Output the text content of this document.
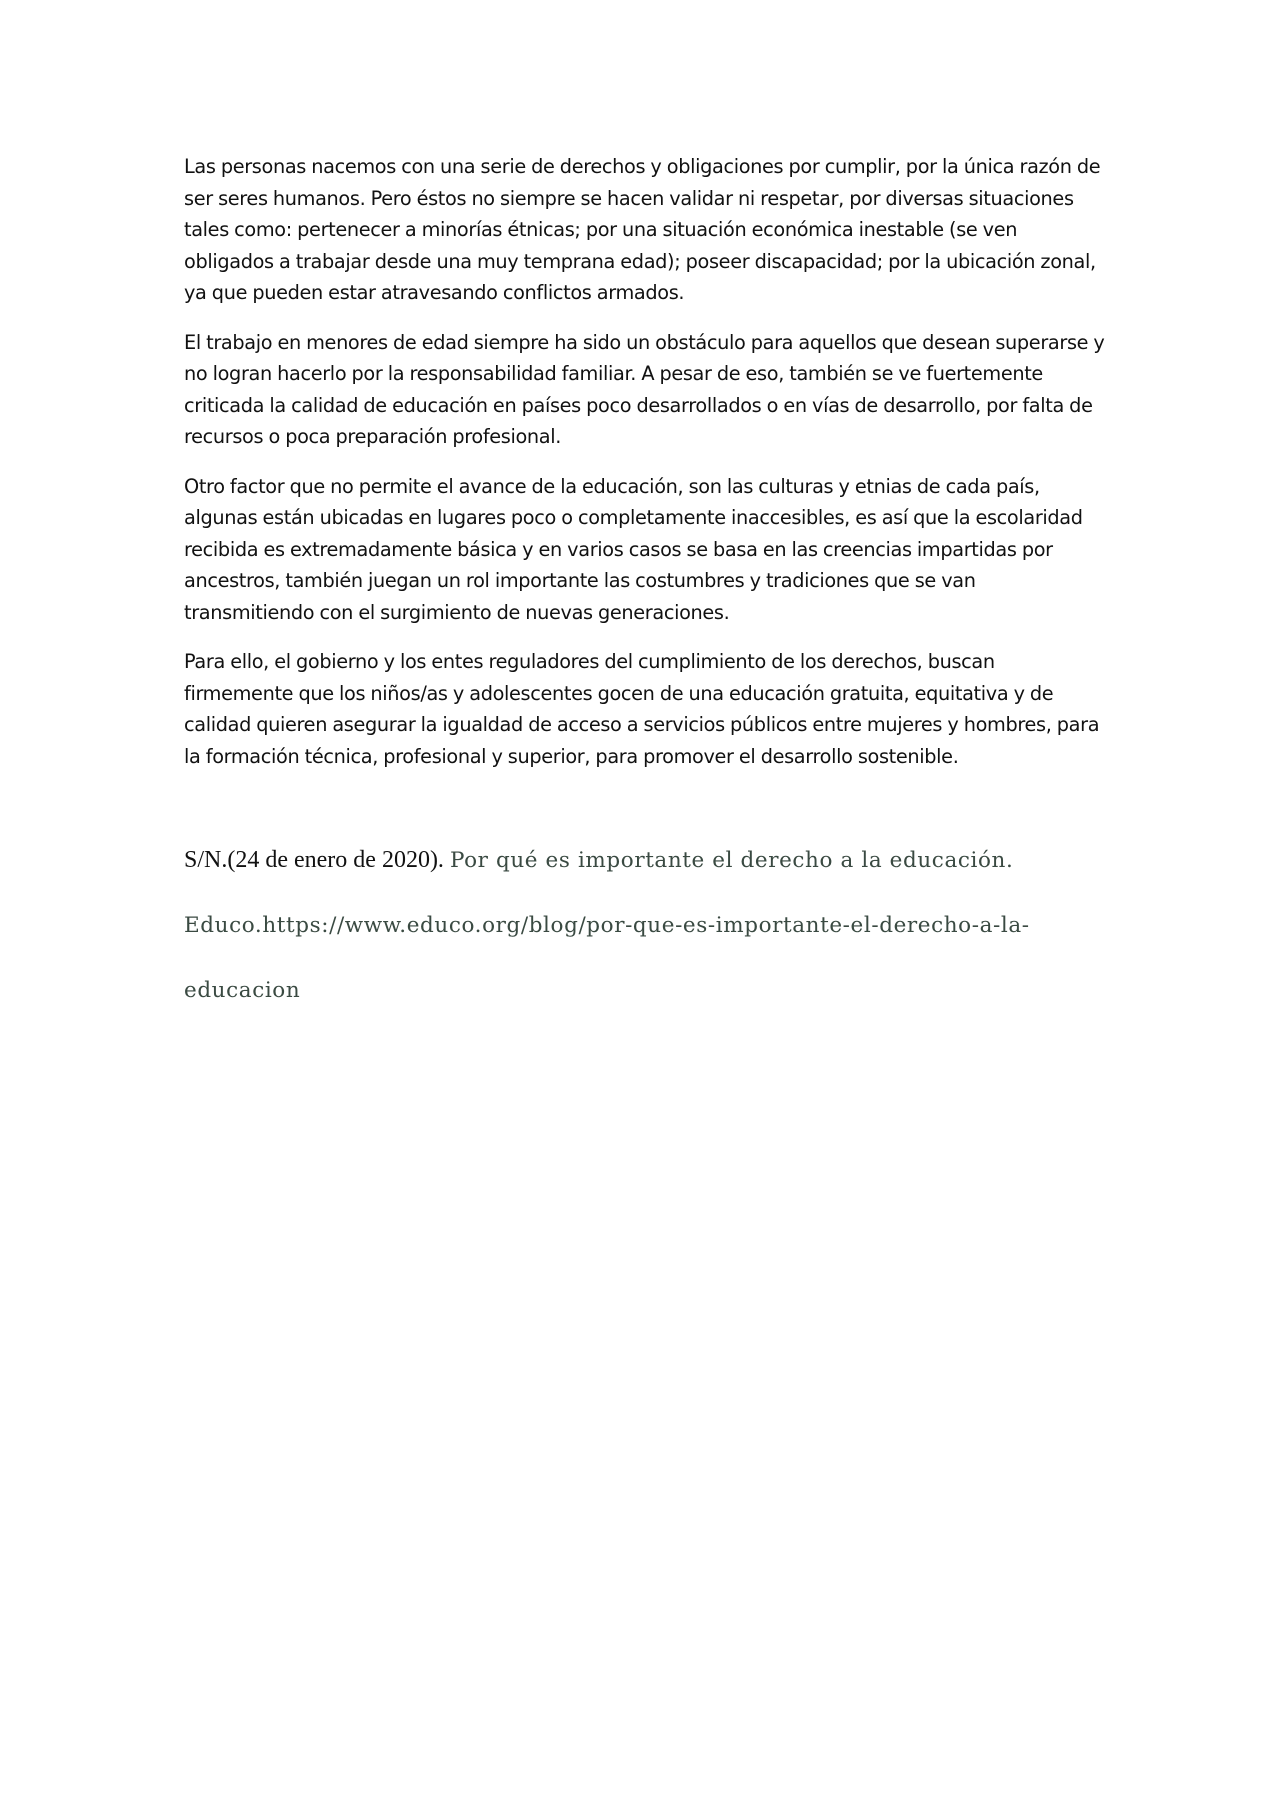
Las personas nacemos con una serie de derechos y obligaciones por cumplir, por la única razón de ser seres humanos. Pero éstos no siempre se hacen validar ni respetar, por diversas situaciones tales como: pertenecer a minorías étnicas; por una situación económica inestable (se ven obligados a trabajar desde una muy temprana edad); poseer discapacidad; por la ubicación zonal, ya que pueden estar atravesando conflictos armados.

El trabajo en menores de edad siempre ha sido un obstáculo para aquellos que desean superarse y no logran hacerlo por la responsabilidad familiar. A pesar de eso, también se ve fuertemente criticada la calidad de educación en países poco desarrollados o en vías de desarrollo, por falta de recursos o poca preparación profesional.

Otro factor que no permite el avance de la educación, son las culturas y etnias de cada país, algunas están ubicadas en lugares poco o completamente inaccesibles, es así que la escolaridad recibida es extremadamente básica y en varios casos se basa en las creencias impartidas por ancestros, también juegan un rol importante las costumbres y tradiciones que se van transmitiendo con el surgimiento de nuevas generaciones.

Para ello, el gobierno y los entes reguladores del cumplimiento de los derechos, buscan firmemente que los niños/as y adolescentes gocen de una educación gratuita, equitativa y de calidad quieren asegurar la igualdad de acceso a servicios públicos entre mujeres y hombres, para la formación técnica, profesional y superior, para promover el desarrollo sostenible.

S/N.(24 de enero de 2020). Por qué es importante el derecho a la educación.
Educo.https://www.educo.org/blog/por-que-es-importante-el-derecho-a-la-
educacion
